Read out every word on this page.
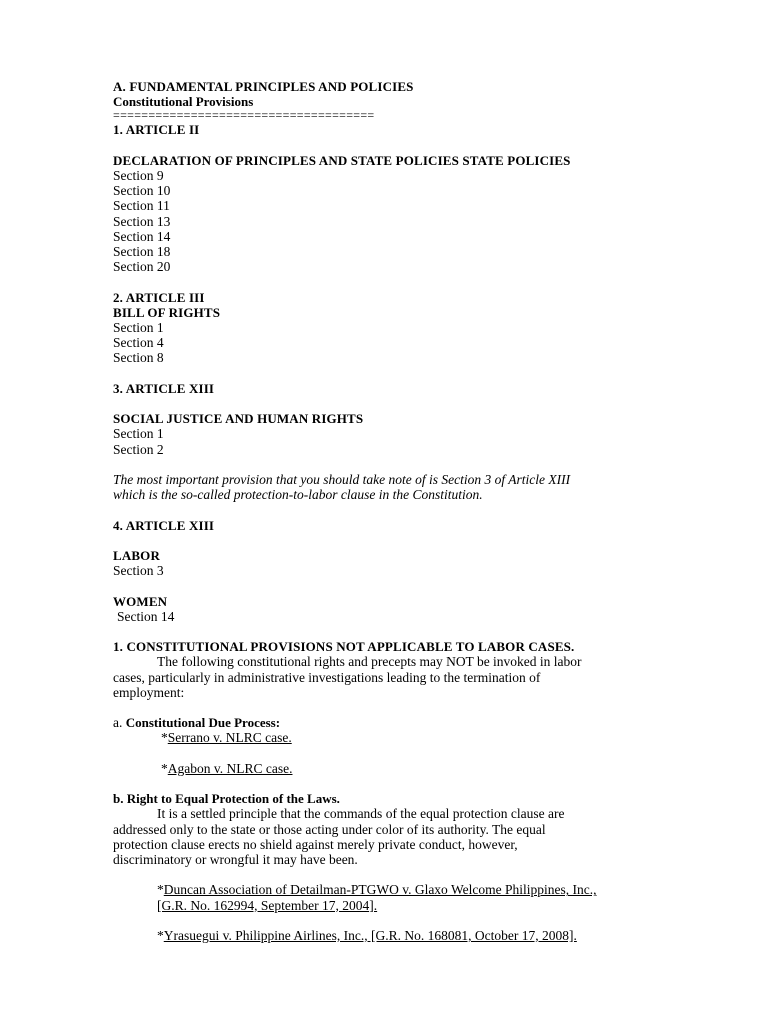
A. FUNDAMENTAL PRINCIPLES AND POLICIES
Constitutional Provisions
=====================================
1. ARTICLE II
DECLARATION OF PRINCIPLES AND STATE POLICIES STATE POLICIES
Section 9
Section 10
Section 11
Section 13
Section 14
Section 18
Section 20
2. ARTICLE III
BILL OF RIGHTS
Section 1
Section 4
Section 8
3. ARTICLE XIII
SOCIAL JUSTICE AND HUMAN RIGHTS
Section 1
Section 2
The most important provision that you should take note of is Section 3 of Article XIII
which is the so-called protection-to-labor clause in the Constitution.
4. ARTICLE XIII
LABOR
Section 3
WOMEN
Section 14
1. CONSTITUTIONAL PROVISIONS NOT APPLICABLE TO LABOR CASES.
The following constitutional rights and precepts may NOT be invoked in labor
cases, particularly in administrative investigations leading to the termination of
employment:
a. Constitutional Due Process:
*Serrano v. NLRC case.
*Agabon v. NLRC case.
b. Right to Equal Protection of the Laws.
It is a settled principle that the commands of the equal protection clause are
addressed only to the state or those acting under color of its authority. The equal
protection clause erects no shield against merely private conduct, however,
discriminatory or wrongful it may have been.
*Duncan Association of Detailman-PTGWO v. Glaxo Welcome Philippines, Inc.,
[G.R. No. 162994, September 17, 2004].
*Yrasuegui v. Philippine Airlines, Inc., [G.R. No. 168081, October 17, 2008].
